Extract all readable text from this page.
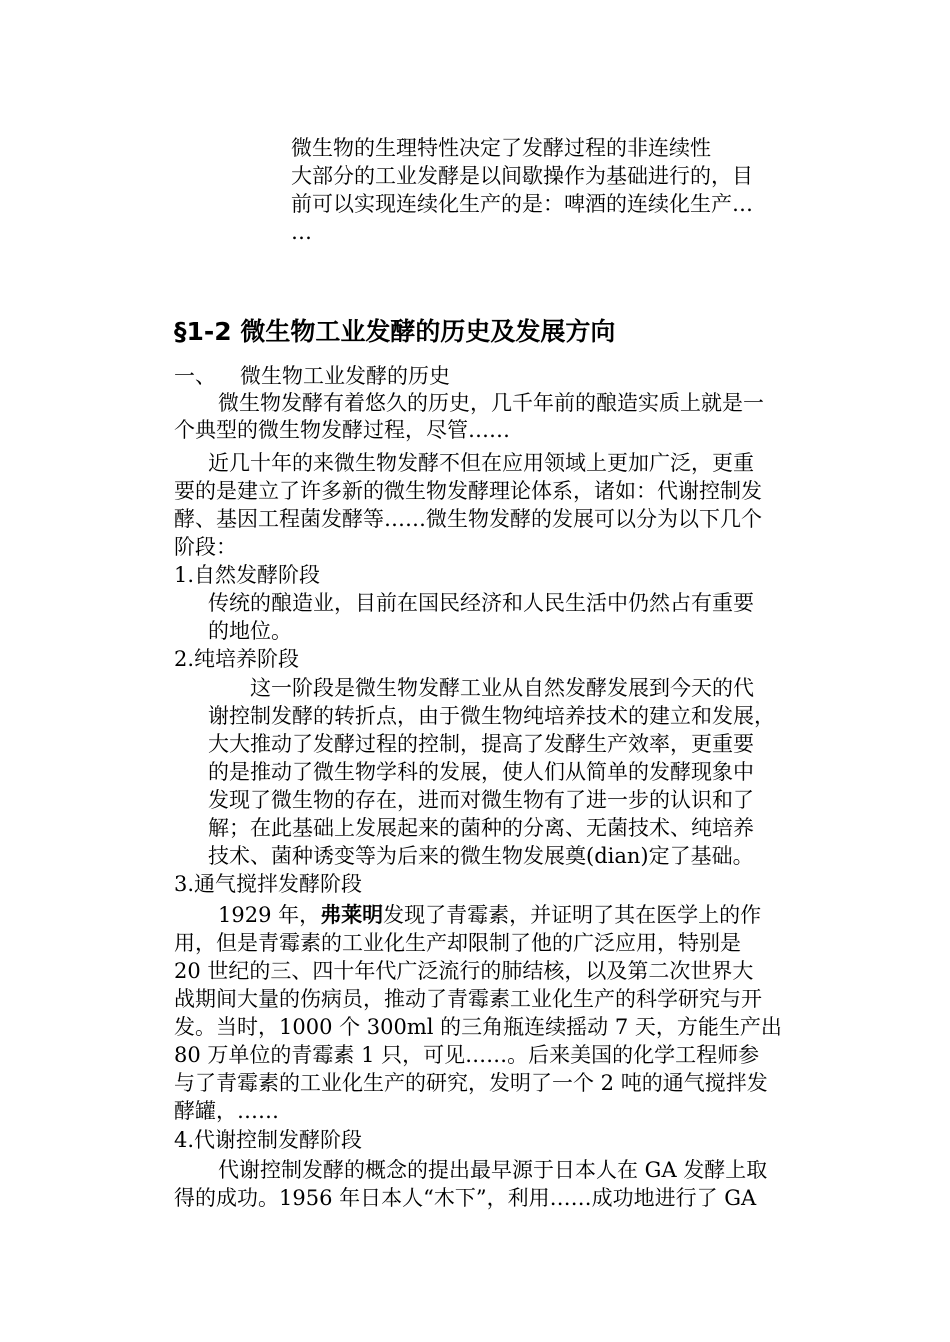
微生物的生理特性决定了发酵过程的非连续性
大部分的工业发酵是以间歇操作为基础进行的，目
前可以实现连续化生产的是：啤酒的连续化生产…
…
§1-2 微生物工业发酵的历史及发展方向
一、 微生物工业发酵的历史
微生物发酵有着悠久的历史，几千年前的酿造实质上就是一
个典型的微生物发酵过程，尽管……
近几十年的来微生物发酵不但在应用领域上更加广泛，更重
要的是建立了许多新的微生物发酵理论体系，诸如：代谢控制发
酵、基因工程菌发酵等……微生物发酵的发展可以分为以下几个
阶段：
1.自然发酵阶段
传统的酿造业，目前在国民经济和人民生活中仍然占有重要
的地位。
2.纯培养阶段
这一阶段是微生物发酵工业从自然发酵发展到今天的代
谢控制发酵的转折点，由于微生物纯培养技术的建立和发展，
大大推动了发酵过程的控制，提高了发酵生产效率，更重要
的是推动了微生物学科的发展，使人们从简单的发酵现象中
发现了微生物的存在，进而对微生物有了进一步的认识和了
解；在此基础上发展起来的菌种的分离、无菌技术、纯培养
技术、菌种诱变等为后来的微生物发展奠(dian)定了基础。
3.通气搅拌发酵阶段
1929 年，弗莱明发现了青霉素，并证明了其在医学上的作
用，但是青霉素的工业化生产却限制了他的广泛应用，特别是
20 世纪的三、四十年代广泛流行的肺结核，以及第二次世界大
战期间大量的伤病员，推动了青霉素工业化生产的科学研究与开
发。当时，1000 个 300ml 的三角瓶连续摇动 7 天，方能生产出
80 万单位的青霉素 1 只，可见……。后来美国的化学工程师参
与了青霉素的工业化生产的研究，发明了一个 2 吨的通气搅拌发
酵罐，……
4.代谢控制发酵阶段
代谢控制发酵的概念的提出最早源于日本人在 GA 发酵上取
得的成功。1956 年日本人“木下”，利用……成功地进行了 GA
